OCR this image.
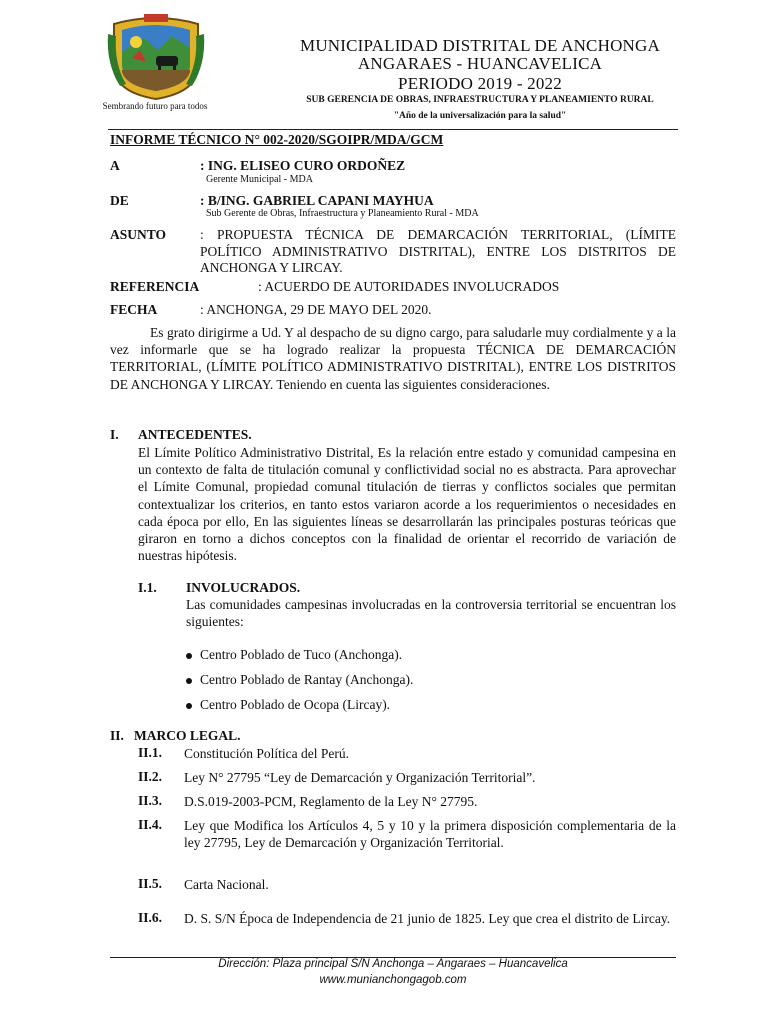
Sembrando futuro para todos
MUNICIPALIDAD DISTRITAL DE ANCHONGA
ANGARAES - HUANCAVELICA
PERIODO 2019 - 2022
SUB GERENCIA DE OBRAS, INFRAESTRUCTURA Y PLANEAMIENTO RURAL
"Año de la universalización para la salud"
INFORME TÉCNICO N° 002-2020/SGOIPR/MDA/GCM
A	: ING. ELISEO CURO ORDOÑEZ
Gerente Municipal - MDA
DE	: B/ING. GABRIEL CAPANI MAYHUA
Sub Gerente de Obras, Infraestructura y Planeamiento Rural - MDA
ASUNTO	: PROPUESTA TÉCNICA DE DEMARCACIÓN TERRITORIAL, (LÍMITE POLÍTICO ADMINISTRATIVO DISTRITAL), ENTRE LOS DISTRITOS DE ANCHONGA Y LIRCAY.
REFERENCIA	: ACUERDO DE AUTORIDADES INVOLUCRADOS
FECHA	: ANCHONGA, 29 DE MAYO DEL 2020.
Es grato dirigirme a Ud. Y al despacho de su digno cargo, para saludarle muy cordialmente y a la vez informarle que se ha logrado realizar la propuesta TÉCNICA DE DEMARCACIÓN TERRITORIAL, (LÍMITE POLÍTICO ADMINISTRATIVO DISTRITAL), ENTRE LOS DISTRITOS DE ANCHONGA Y LIRCAY. Teniendo en cuenta las siguientes consideraciones.
I. ANTECEDENTES.
El Límite Político Administrativo Distrital, Es la relación entre estado y comunidad campesina en un contexto de falta de titulación comunal y conflictividad social no es abstracta. Para aprovechar el Límite Comunal, propiedad comunal titulación de tierras y conflictos sociales que permitan contextualizar los criterios, en tanto estos variaron acorde a los requerimientos o necesidades en cada época por ello, En las siguientes líneas se desarrollarán las principales posturas teóricas que giraron en torno a dichos conceptos con la finalidad de orientar el recorrido de variación de nuestras hipótesis.
I.1. INVOLUCRADOS.
Las comunidades campesinas involucradas en la controversia territorial se encuentran los siguientes:
Centro Poblado de Tuco (Anchonga).
Centro Poblado de Rantay (Anchonga).
Centro Poblado de Ocopa (Lircay).
II. MARCO LEGAL.
II.1. Constitución Política del Perú.
II.2. Ley N° 27795 “Ley de Demarcación y Organización Territorial”.
II.3. D.S.019-2003-PCM, Reglamento de la Ley N° 27795.
II.4. Ley que Modifica los Artículos 4, 5 y 10 y la primera disposición complementaria de la ley 27795, Ley de Demarcación y Organización Territorial.
II.5. Carta Nacional.
II.6. D. S. S/N Época de Independencia de 21 junio de 1825. Ley que crea el distrito de Lircay.
Dirección: Plaza principal S/N Anchonga – Angaraes – Huancavelica
www.munianchongagob.com
